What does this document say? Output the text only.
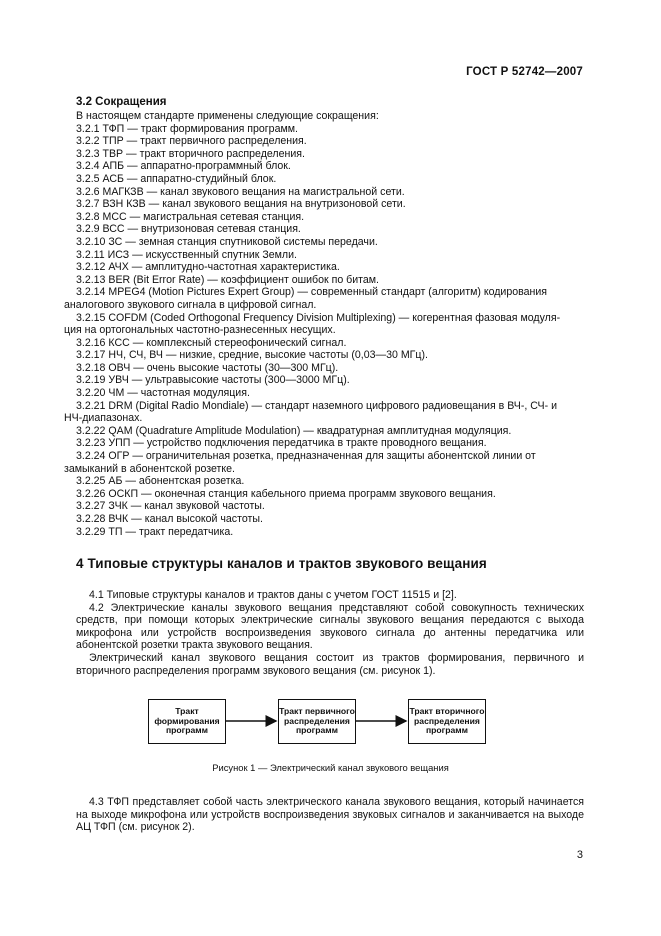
ГОСТ Р 52742—2007
3.2 Сокращения

В настоящем стандарте применены следующие сокращения:

3.2.1 ТФП — тракт формирования программ.

3.2.2 ТПР — тракт первичного распределения.

3.2.3 ТВР — тракт вторичного распределения.

3.2.4 АПБ — аппаратно-программный блок.

3.2.5 АСБ — аппаратно-студийный блок.

3.2.6 МАГКЗВ — канал звукового вещания на магистральной сети.

3.2.7 ВЗН КЗВ — канал звукового вещания на внутризоновой сети.

3.2.8 МСС — магистральная сетевая станция.

3.2.9 ВСС — внутризоновая сетевая станция.

3.2.10 ЗС — земная станция спутниковой системы передачи.

3.2.11 ИСЗ — искусственный спутник Земли.

3.2.12 АЧХ — амплитудно-частотная характеристика.

3.2.13 BER (Bit Error Rate) — коэффициент ошибок по битам.

3.2.14 MPEG4 (Motion Pictures Expert Group) — современный стандарт (алгоритм) кодирования

аналогового звукового сигнала в цифровой сигнал.

3.2.15 COFDM (Coded Orthogonal Frequency Division Multiplexing) — когерентная фазовая модуля-

ция на ортогональных частотно-разнесенных несущих.

3.2.16 КСС — комплексный стереофонический сигнал.

3.2.17 НЧ, СЧ, ВЧ — низкие, средние, высокие частоты (0,03—30 МГц).

3.2.18 ОВЧ — очень высокие частоты (30—300 МГц).

3.2.19 УВЧ — ультравысокие частоты (300—3000 МГц).

3.2.20 ЧМ — частотная модуляция.

3.2.21 DRM (Digital Radio Mondiale) — стандарт наземного цифрового радиовещания в ВЧ-, СЧ- и

НЧ-диапазонах.

3.2.22 QAM (Quadrature Amplitude Modulation) — квадратурная амплитудная модуляция.

3.2.23 УПП — устройство подключения передатчика в тракте проводного вещания.

3.2.24 ОГР — ограничительная розетка, предназначенная для защиты абонентской линии от

замыканий в абонентской розетке.

3.2.25 АБ — абонентская розетка.

3.2.26 ОСКП — оконечная станция кабельного приема программ звукового вещания.

3.2.27 ЗЧК — канал звуковой частоты.

3.2.28 ВЧК — канал высокой частоты.

3.2.29 ТП — тракт передатчика.

4 Типовые структуры каналов и трактов звукового вещания

4.1 Типовые структуры каналов и трактов даны с учетом ГОСТ 11515 и [2].

4.2 Электрические каналы звукового вещания представляют собой совокупность технических средств, при помощи которых электрические сигналы звукового вещания передаются с выхода микрофона или устройств воспроизведения звукового сигнала до антенны передатчика или абонентской розетки тракта звукового вещания.

Электрический канал звукового вещания состоит из трактов формирования, первичного и вторичного распределения программ звукового вещания (см. рисунок 1).

Тракт формирования программ
Тракт первичного распределения программ
Тракт вторичного распределения программ
Рисунок 1 — Электрический канал звукового вещания

4.3 ТФП представляет собой часть электрического канала звукового вещания, который начинается на выходе микрофона или устройств воспроизведения звуковых сигналов и заканчивается на выходе АЦ ТФП (см. рисунок 2).

3
